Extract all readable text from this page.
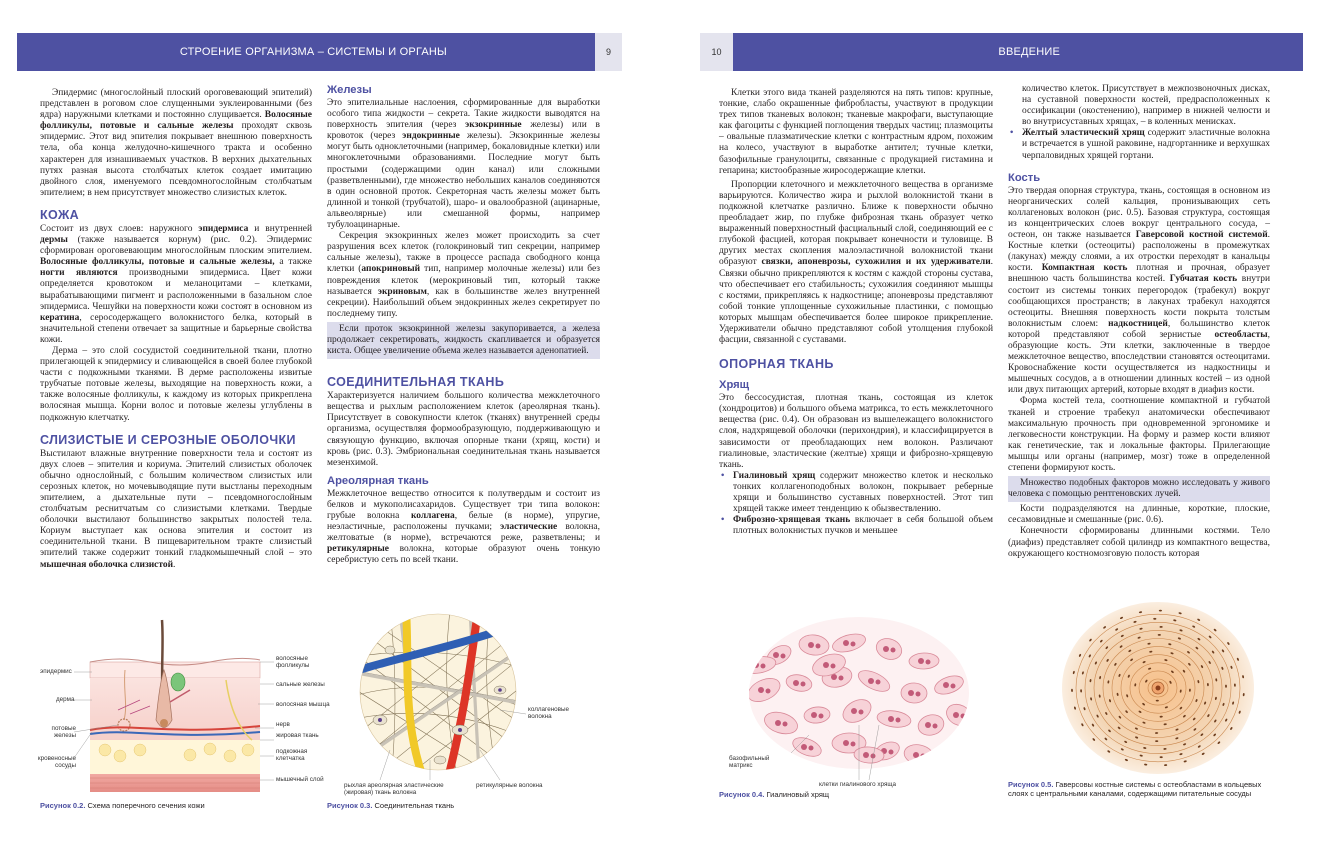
СТРОЕНИЕ ОРГАНИЗМА – СИСТЕМЫ И ОРГАНЫ	9

Эпидермис (многослойный плоский ороговевающий эпителий) представлен в роговом слое слущенными эуклеированными (без ядра) наружными клетками и постоянно слущивается. Волосяные фолликулы, потовые и сальные железы проходят сквозь эпидермис. Этот вид эпителия покрывает внешнюю поверхность тела, оба конца желудочно-кишечного тракта и особенно характерен для изнашиваемых участков. В верхних дыхательных путях разная высота столбчатых клеток создает имитацию двойного слоя, именуемого псевдомногослойным столбчатым эпителием; в нем присутствует множество слизистых клеток.

КОЖА

Состоит из двух слоев: наружного эпидермиса и внутренней дермы (также называется корнум) (рис. 0.2). Эпидермис сформирован ороговевающим многослойным плоским эпителием. Волосяные фолликулы, потовые и сальные железы, а также ногти являются производными эпидермиса. Цвет кожи определяется кровотоком и меланоцитами – клетками, вырабатывающими пигмент и расположенными в базальном слое эпидермиса. Чешуйки на поверхности кожи состоят в основном из кератина, серосодержащего волокнистого белка, который в значительной степени отвечает за защитные и барьерные свойства кожи.

Дерма – это слой сосудистой соединительной ткани, плотно прилегающей к эпидермису и сливающейся в своей более глубокой части с подкожными тканями. В дерме расположены извитые трубчатые потовые железы, выходящие на поверхность кожи, а также волосяные фолликулы, к каждому из которых прикреплена волосяная мышца. Корни волос и потовые железы углублены в подкожную клетчатку.

СЛИЗИСТЫЕ И СЕРОЗНЫЕ ОБОЛОЧКИ

Выстилают влажные внутренние поверхности тела и состоят из двух слоев – эпителия и кориума. Эпителий слизистых оболочек обычно однослойный, с большим количеством слизистых или серозных клеток, но мочевыводящие пути выстланы переходным эпителием, а дыхательные пути – псевдомногослойным столбчатым реснитчатым со слизистыми клетками. Твердые оболочки выстилают большинство закрытых полостей тела. Кориум выступает как основа эпителия и состоит из соединительной ткани. В пищеварительном тракте слизистый эпителий также содержит тонкий гладкомышечный слой – это мышечная оболочка слизистой.

Железы

Это эпителиальные наслоения, сформированные для выработки особого типа жидкости – секрета. Такие жидкости выводятся на поверхность эпителия (через экзокринные железы) или в кровоток (через эндокринные железы). Экзокринные железы могут быть одноклеточными (например, бокаловидные клетки) или многоклеточными образованиями. Последние могут быть простыми (содержащими один канал) или сложными (разветвленными), где множество небольших каналов соединяются в один основной проток. Секреторная часть железы может быть длинной и тонкой (трубчатой), шаро- и овалообразной (ацинарные, альвеолярные) или смешанной формы, например тубулоацинарные.

Секреция экзокринных желез может происходить за счет разрушения всех клеток (голокриновый тип секреции, например сальные железы), также в процессе распада свободного конца клетки (апокриновый тип, например молочные железы) или без повреждения клеток (мерокриновый тип, который также называется экриновым, как в большинстве желез внутренней секреции). Наибольший объем эндокринных желез секретирует по последнему типу.

Если проток экзокринной железы закупоривается, а железа продолжает секретировать, жидкость скапливается и образуется киста. Общее увеличение объема желез называется аденопатией.

СОЕДИНИТЕЛЬНАЯ ТКАНЬ

Характеризуется наличием большого количества межклеточного вещества и рыхлым расположением клеток (ареолярная ткань). Присутствует в совокупности клеток (тканях) внутренней среды организма, осуществляя формообразующую, поддерживающую и связующую функцию, включая опорные ткани (хрящ, кости) и кровь (рис. 0.3). Эмбриональная соединительная ткань называется мезенхимой.

Ареолярная ткань

Межклеточное вещество относится к полутвердым и состоит из белков и мукополисахаридов. Существует три типа волокон: грубые волокна коллагена, белые (в норме), упругие, неэластичные, расположены пучками; эластические волокна, желтоватые (в норме), встречаются реже, разветвлены; и ретикулярные волокна, которые образуют очень тонкую серебристую сеть по всей ткани.

эпидермис
дерма
потовые железы
кровеносные сосуды
волосяные фолликулы
сальные железы
волосяная мышца
нерв
жировая ткань
подкожная клетчатка
мышечный слой
Рисунок 0.2. Схема поперечного сечения кожи
коллагеновые волокна
рыхлая ареолярная эластические (жировая) ткань волокна
ретикулярные волокна
Рисунок 0.3. Соединительная ткань
10	ВВЕДЕНИЕ

Клетки этого вида тканей разделяются на пять типов: крупные, тонкие, слабо окрашенные фибробласты, участвуют в продукции трех типов тканевых волокон; тканевые макрофаги, выступающие как фагоциты с функцией поглощения твердых частиц; плазмоциты – овальные плазматические клетки с контрастным ядром, похожим на колесо, участвуют в выработке антител; тучные клетки, базофильные гранулоциты, связанные с продукцией гистамина и гепарина; кистообразные жиросодержащие клетки.

Пропорции клеточного и межклеточного вещества в организме варьируются. Количество жира и рыхлой волокнистой ткани в подкожной клетчатке различно. Ближе к поверхности обычно преобладает жир, по глубже фиброзная ткань образует четко выраженный поверхностный фасциальный слой, соединяющий ее с глубокой фасцией, которая покрывает конечности и туловище. В других местах скопления малоэластичной волокнистой ткани образуют связки, апоневрозы, сухожилия и их удерживатели. Связки обычно прикрепляются к костям с каждой стороны сустава, что обеспечивает его стабильность; сухожилия соединяют мышцы с костями, прикрепляясь к надкостнице; апоневрозы представляют собой тонкие уплощенные сухожильные пластинки, с помощью которых мышцам обеспечивается более широкое прикрепление. Удерживатели обычно представляют собой утолщения глубокой фасции, связанной с суставами.

ОПОРНАЯ ТКАНЬ
Хрящ

Это бессосудистая, плотная ткань, состоящая из клеток (хондроцитов) и большого объема матрикса, то есть межклеточного вещества (рис. 0.4). Он образован из вышележащего волокнистого слоя, надхрящевой оболочки (перихондрия), и классифицируется в зависимости от преобладающих нем волокон. Различают гиалиновые, эластические (желтые) хрящи и фиброзно-хрящевую ткань.

• Гиалиновый хрящ содержит множество клеток и несколько тонких коллагеноподобных волокон, покрывает реберные хрящи и большинство суставных поверхностей. Этот тип хрящей также имеет тенденцию к обызвествлению.
• Фиброзно-хрящевая ткань включает в себя большой объем плотных волокнистых пучков и меньшее

количество клеток. Присутствует в межпозвоночных дисках, на суставной поверхности костей, предрасположенных к оссификации (окостенению), например в нижней челюсти и во внутрисуставных хрящах, – в коленных менисках.

• Желтый эластический хрящ содержит эластичные волокна и встречается в ушной раковине, надгортаннике и верхушках черпаловидных хрящей гортани.
Кость

Это твердая опорная структура, ткань, состоящая в основном из неорганических солей кальция, пронизывающих сеть коллагеновых волокон (рис. 0.5). Базовая структура, состоящая из концентрических слоев вокруг центрального сосуда, – остеон, он также называется Гаверсовой костной системой. Костные клетки (остеоциты) расположены в промежутках (лакунах) между слоями, а их отростки переходят в канальцы кости. Компактная кость плотная и прочная, образует внешнюю часть большинства костей. Губчатая кость внутри состоит из системы тонких перегородок (трабекул) вокруг сообщающихся пространств; в лакунах трабекул находятся остеоциты. Внешняя поверхность кости покрыта толстым волокнистым слоем: надкостницей, большинство клеток которой представляют собой зернистые остеобласты, образующие кость. Эти клетки, заключенные в твердое межклеточное вещество, впоследствии становятся остеоцитами. Кровоснабжение кости осуществляется из надкостницы и мышечных сосудов, а в отношении длинных костей – из одной или двух питающих артерий, которые входят в диафиз кости.

Форма костей тела, соотношение компактной и губчатой тканей и строение трабекул анатомически обеспечивают максимальную прочность при одновременной эргономике и легковесности конструкции. На форму и размер кости влияют как генетические, так и локальные факторы. Прилегающие мышцы или органы (например, мозг) тоже в определенной степени формируют кость.

Множество подобных факторов можно исследовать у живого человека с помощью рентгеновских лучей.

Кости подразделяются на длинные, короткие, плоские, сесамовидные и смешанные (рис. 0.6).

Конечности сформированы длинными костями. Тело (диафиз) представляет собой цилиндр из компактного вещества, окружающего костномозговую полость которая

базофильный матрикс
клетки гиалинового хряща
Рисунок 0.4. Гиалиновый хрящ
Рисунок 0.5. Гаверсовы костные системы с остеобластами в кольцевых слоях с центральными каналами, содержащими питательные сосуды
